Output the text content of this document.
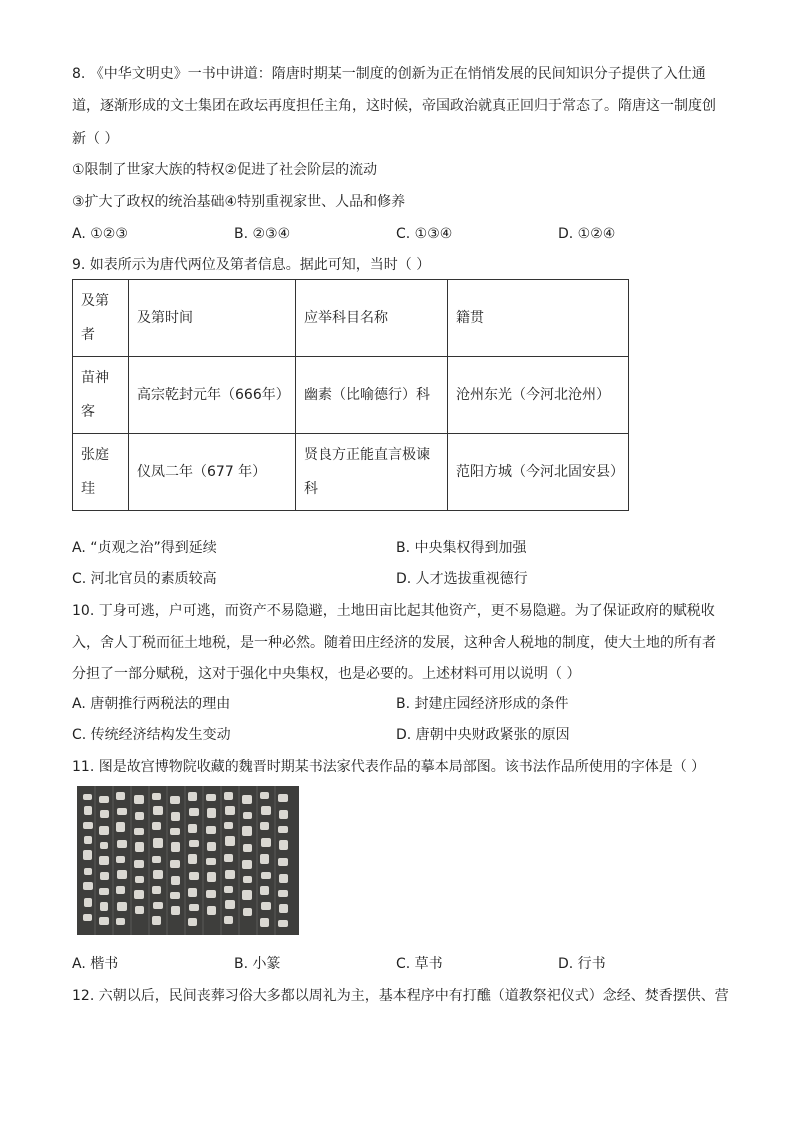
8. 《中华文明史》一书中讲道：隋唐时期某一制度的创新为正在悄悄发展的民间知识分子提供了入仕通
道，逐渐形成的文士集团在政坛再度担任主角，这时候，帝国政治就真正回归于常态了。隋唐这一制度创
新（ ）
①限制了世家大族的特权②促进了社会阶层的流动
③扩大了政权的统治基础④特别重视家世、人品和修养
A. ①②③	B. ②③④	C. ①③④	D. ①②④
9. 如表所示为唐代两位及第者信息。据此可知，当时（ ）
及第者	及第时间	应举科目名称	籍贯
苗神客	高宗乾封元年（666年）	幽素（比喻德行）科	沧州东光（今河北沧州）
张庭珪	仪凤二年（677 年）	贤良方正能直言极谏科	范阳方城（今河北固安县）
A. “贞观之治”得到延续	B. 中央集权得到加强
C. 河北官员的素质较高	D. 人才选拔重视德行
10. 丁身可逃，户可逃，而资产不易隐避，土地田亩比起其他资产，更不易隐避。为了保证政府的赋税收
入，舍人丁税而征土地税，是一种必然。随着田庄经济的发展，这种舍人税地的制度，使大土地的所有者
分担了一部分赋税，这对于强化中央集权，也是必要的。上述材料可用以说明（ ）
A. 唐朝推行两税法的理由	B. 封建庄园经济形成的条件
C. 传统经济结构发生变动	D. 唐朝中央财政紧张的原因
11. 图是故宫博物院收藏的魏晋时期某书法家代表作品的摹本局部图。该书法作品所使用的字体是（ ）
A. 楷书	B. 小篆	C. 草书	D. 行书
12. 六朝以后，民间丧葬习俗大多都以周礼为主，基本程序中有打醮（道教祭祀仪式）念经、焚香摆供、营
